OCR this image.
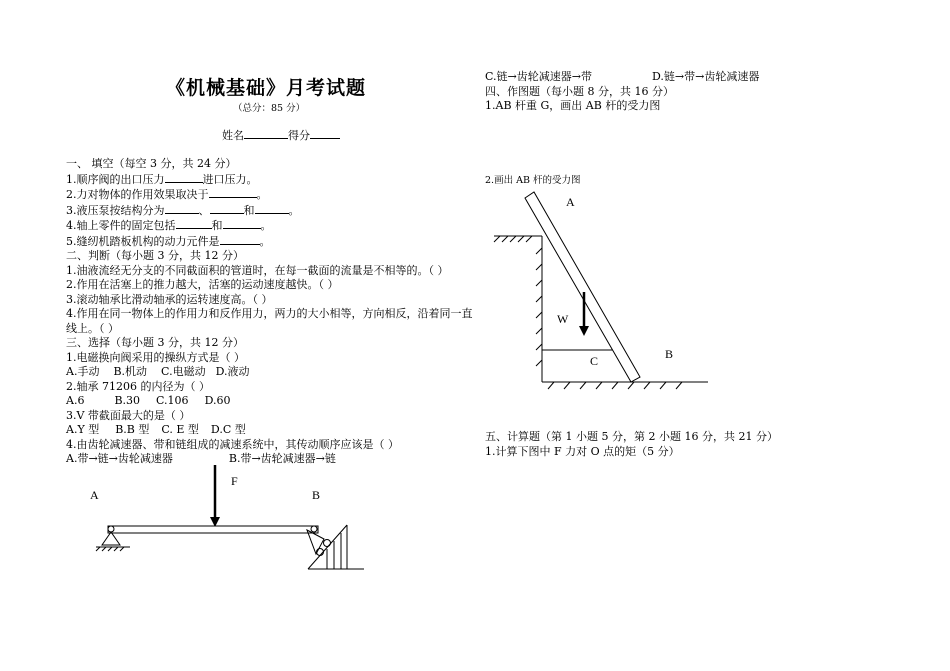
《机械基础》月考试题
（总分：85 分）
姓名	得分
一、 填空（每空 3 分，共 24 分）
1.顺序阀的出口压力	进口压力。
2.力对物体的作用效果取决于	。
3.液压泵按结构分为	、	和	。
4.轴上零件的固定包括	和	。
5.缝纫机踏板机构的动力元件是	。
二、判断（每小题 3 分，共 12 分）
1.油液流经无分支的不同截面积的管道时，在每一截面的流量是不相等的。（ ）
2.作用在活塞上的推力越大，活塞的运动速度越快。（ ）
3.滚动轴承比滑动轴承的运转速度高。（ ）
4.作用在同一物体上的作用力和反作用力，两力的大小相等，方向相反，沿着同一直
线上。（ ）
三、选择（每小题 3 分，共 12 分）
1.电磁换向阀采用的操纵方式是（ ）
A.手动 B.机动 C.电磁动 D.液动
2.轴承 71206 的内径为（ ）
A.6	B.30 C.106 D.60
3.V 带截面最大的是（ ）
A.Y 型 B.B 型 C. E 型 D.C 型
4.由齿轮减速器、带和链组成的减速系统中，其传动顺序应该是（ ）
A.带→链→齿轮减速器	B.带→齿轮减速器→链
A
F
B
C.链→齿轮减速器→带	D.链→带→齿轮减速器
四、作图题（每小题 8 分，共 16 分）
1.AB 杆重 G，画出 AB 杆的受力图
2.画出 AB 杆的受力图
A
W
C	B
五、计算题（第 1 小题 5 分，第 2 小题 16 分，共 21 分）
1.计算下图中 F 力对 O 点的矩（5 分）
